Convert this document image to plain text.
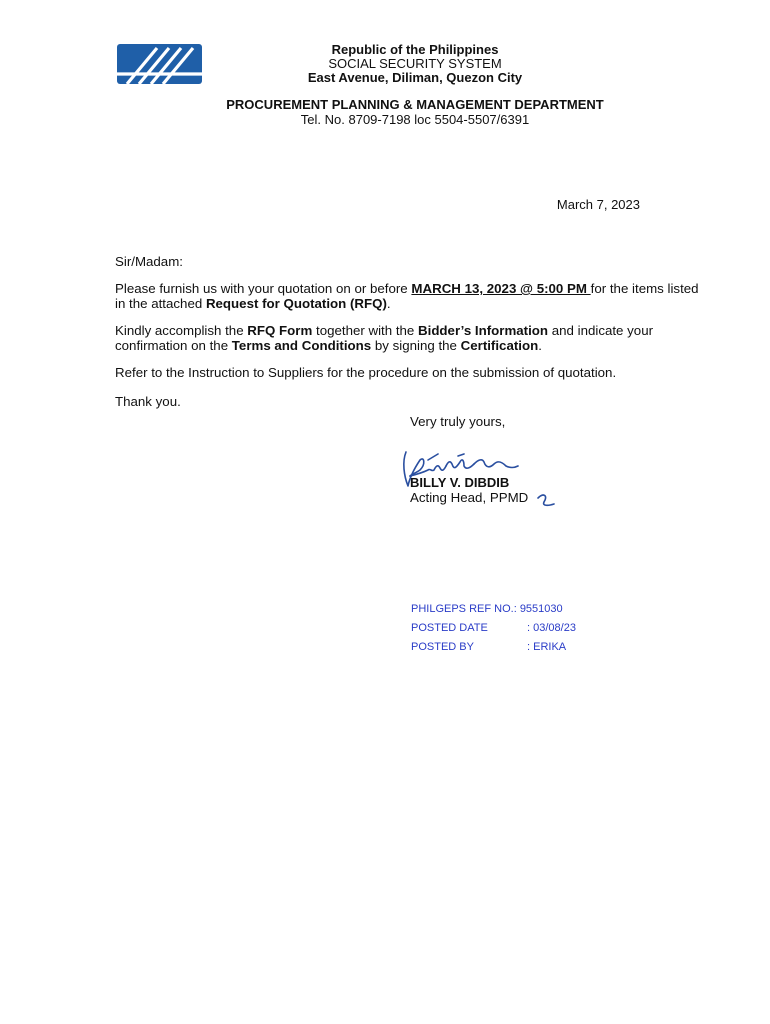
Republic of the Philippines
SOCIAL SECURITY SYSTEM
East Avenue, Diliman, Quezon City
PROCUREMENT PLANNING & MANAGEMENT DEPARTMENT
Tel. No. 8709-7198 loc 5504-5507/6391
March 7, 2023
Sir/Madam:
Please furnish us with your quotation on or before MARCH 13, 2023 @ 5:00 PM for the items listed in the attached Request for Quotation (RFQ).
Kindly accomplish the RFQ Form together with the Bidder’s Information and indicate your confirmation on the Terms and Conditions by signing the Certification.
Refer to the Instruction to Suppliers for the procedure on the submission of quotation.
Thank you.
Very truly yours,
BILLY V. DIBDIB
Acting Head, PPMD
PHILGEPS REF NO.: 9551030
POSTED DATE	: 03/08/23
POSTED BY	: ERIKA
